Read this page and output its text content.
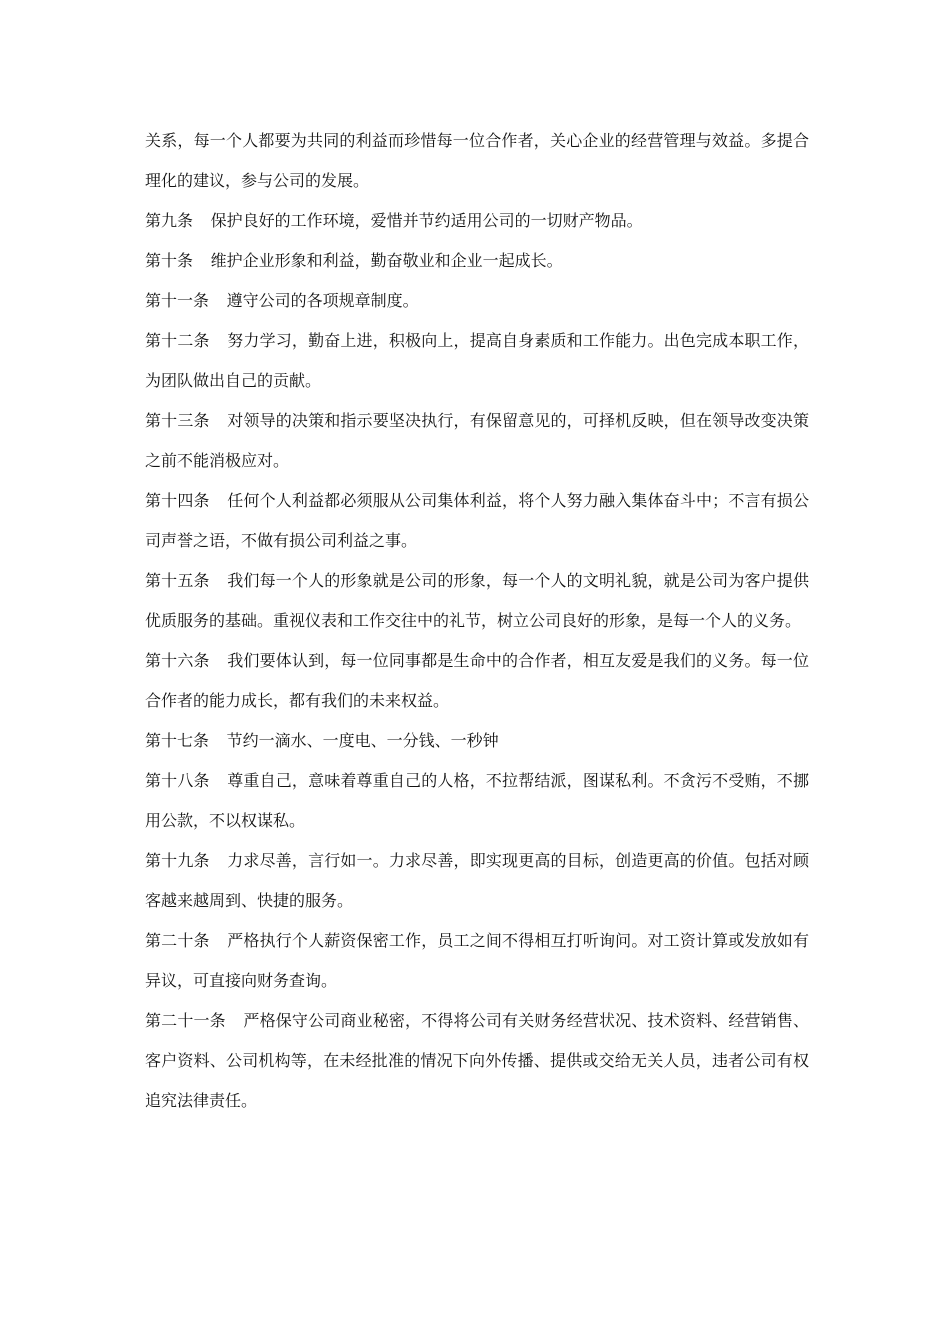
关系，每一个人都要为共同的利益而珍惜每一位合作者，关心企业的经营管理与效益。多提合理化的建议，参与公司的发展。

第九条 保护良好的工作环境，爱惜并节约适用公司的一切财产物品。

第十条 维护企业形象和利益，勤奋敬业和企业一起成长。

第十一条 遵守公司的各项规章制度。

第十二条 努力学习，勤奋上进，积极向上，提高自身素质和工作能力。出色完成本职工作，为团队做出自己的贡献。

第十三条 对领导的决策和指示要坚决执行，有保留意见的，可择机反映，但在领导改变决策之前不能消极应对。

第十四条 任何个人利益都必须服从公司集体利益，将个人努力融入集体奋斗中；不言有损公司声誉之语，不做有损公司利益之事。

第十五条 我们每一个人的形象就是公司的形象，每一个人的文明礼貌，就是公司为客户提供优质服务的基础。重视仪表和工作交往中的礼节，树立公司良好的形象，是每一个人的义务。

第十六条 我们要体认到，每一位同事都是生命中的合作者，相互友爱是我们的义务。每一位合作者的能力成长，都有我们的未来权益。

第十七条 节约一滴水、一度电、一分钱、一秒钟

第十八条 尊重自己，意味着尊重自己的人格，不拉帮结派，图谋私利。不贪污不受贿，不挪用公款，不以权谋私。

第十九条 力求尽善，言行如一。力求尽善，即实现更高的目标，创造更高的价值。包括对顾客越来越周到、快捷的服务。

第二十条 严格执行个人薪资保密工作，员工之间不得相互打听询问。对工资计算或发放如有异议，可直接向财务查询。

第二十一条 严格保守公司商业秘密，不得将公司有关财务经营状况、技术资料、经营销售、客户资料、公司机构等，在未经批准的情况下向外传播、提供或交给无关人员，违者公司有权追究法律责任。
